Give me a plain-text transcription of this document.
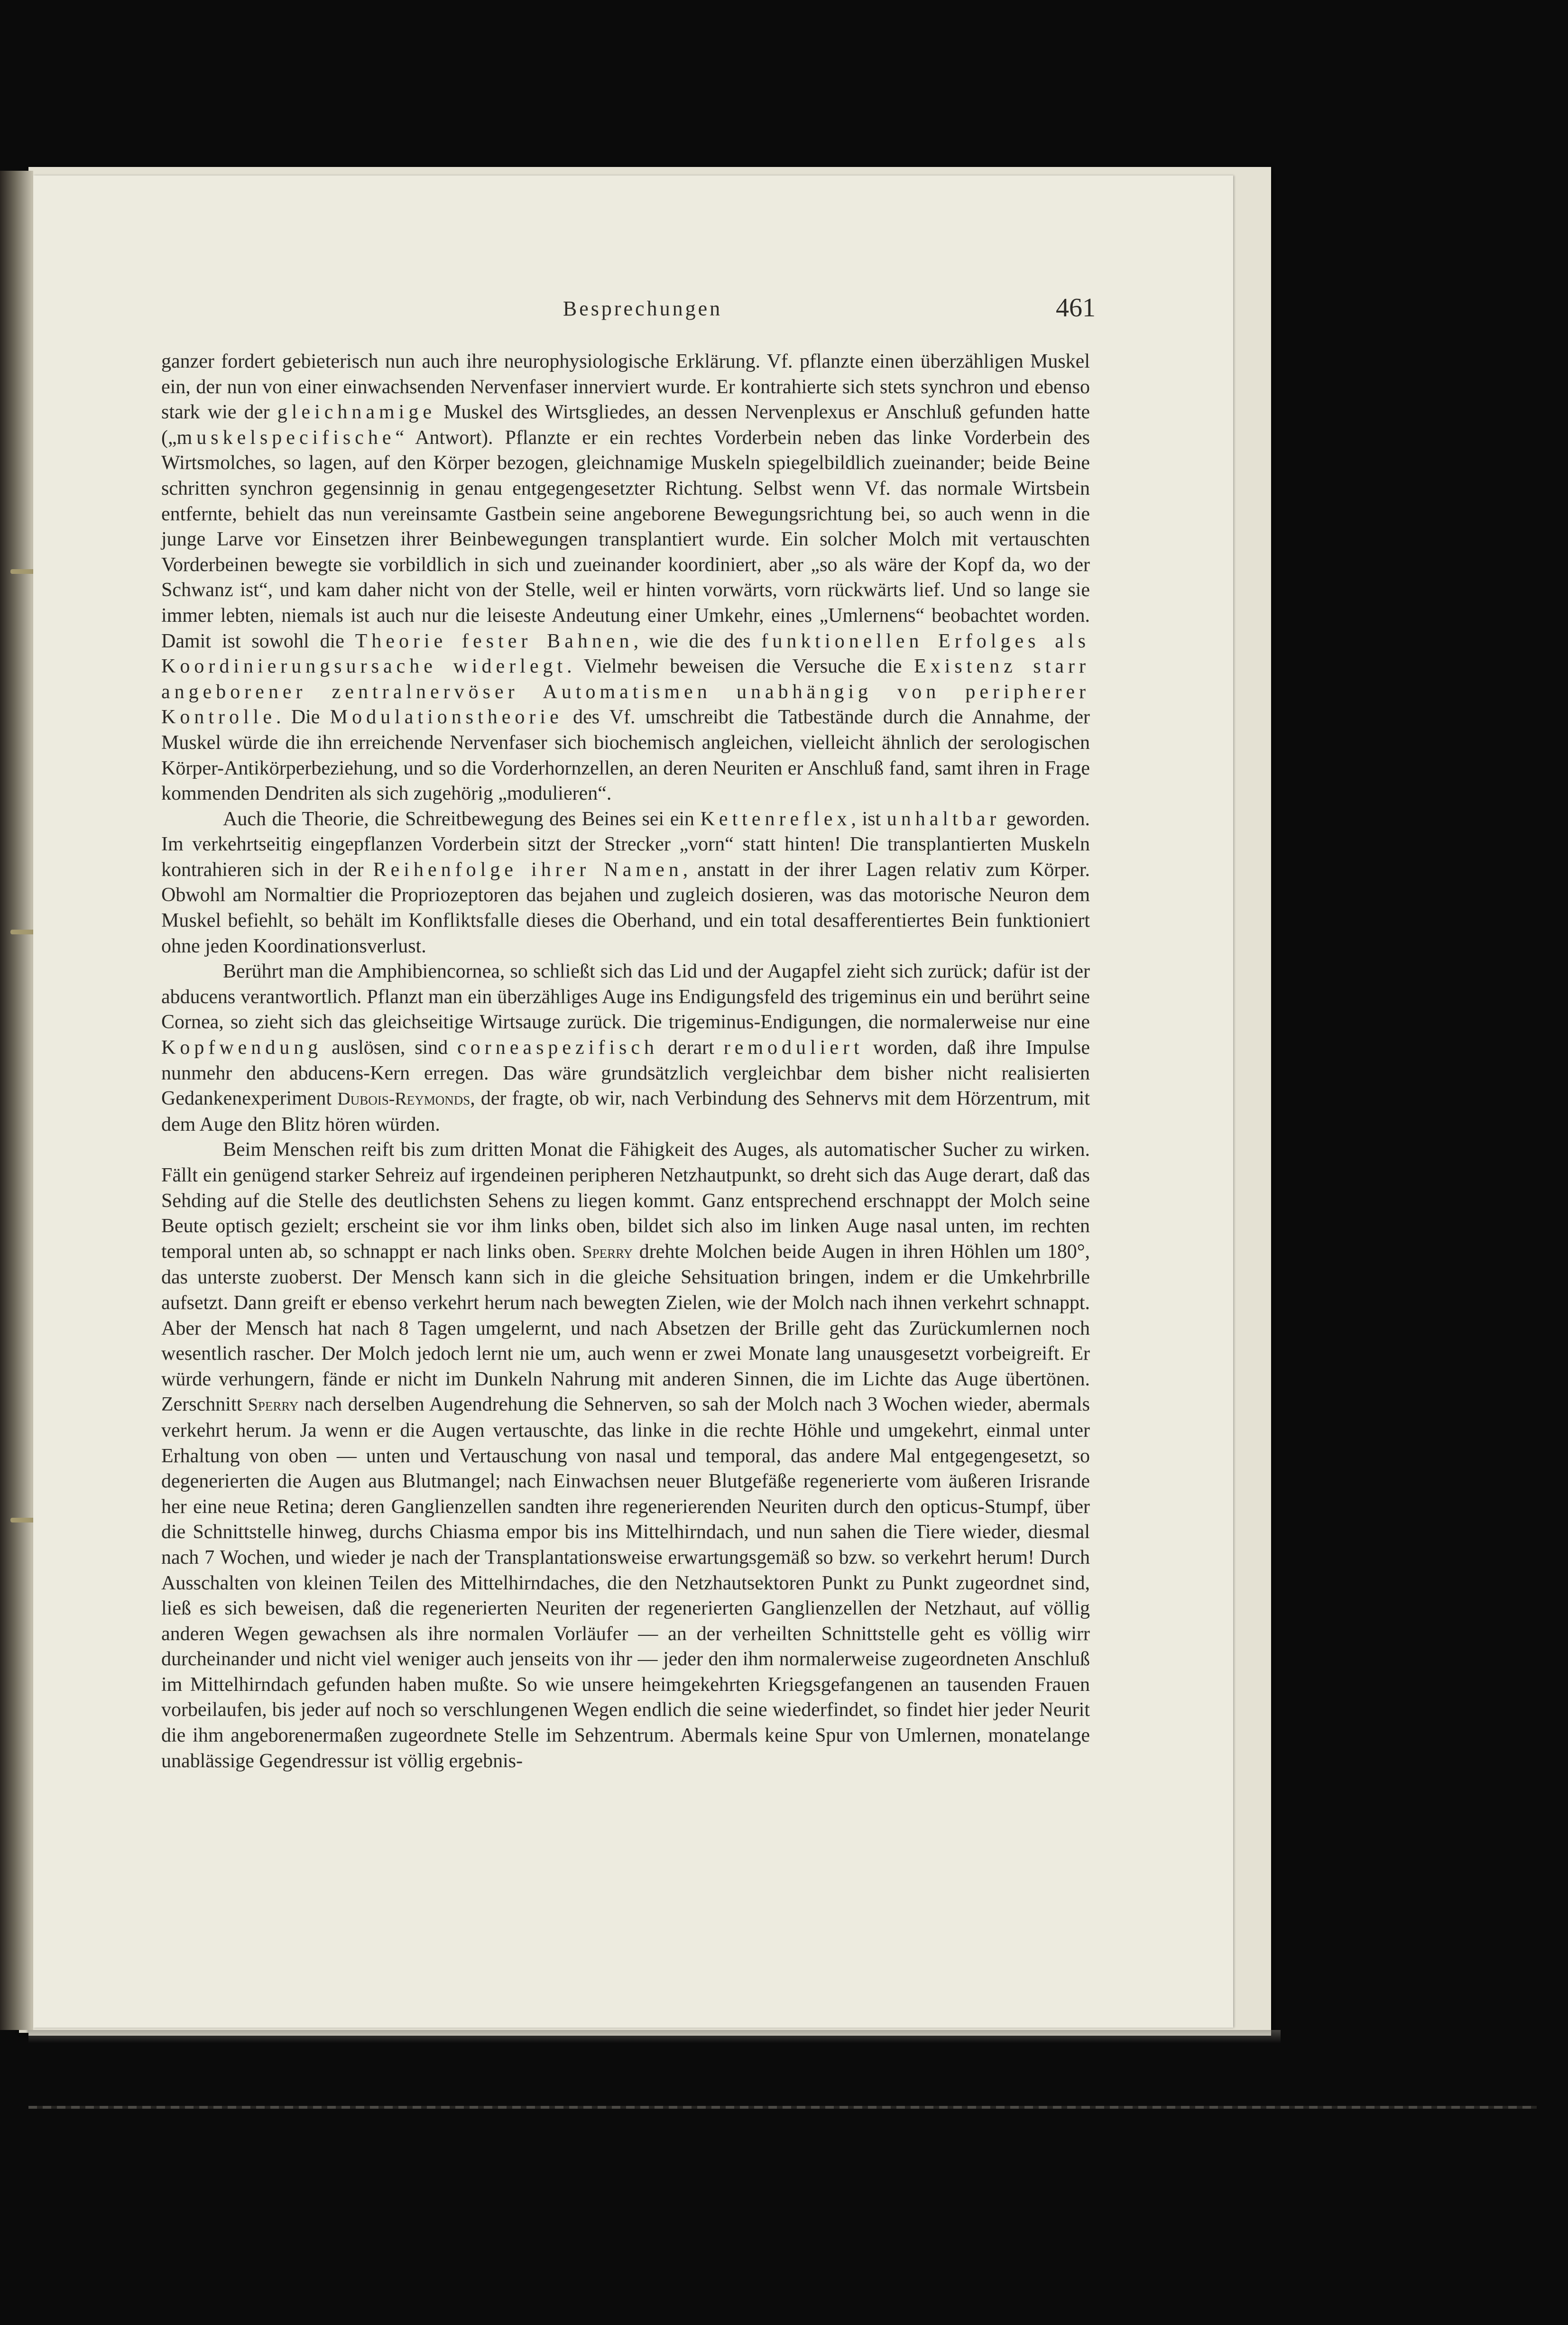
Besprechungen	461

ganzer fordert gebieterisch nun auch ihre neurophysiologische Erklärung. Vf. pflanzte einen überzähligen Muskel ein, der nun von einer einwachsenden Nervenfaser innerviert wurde. Er kontrahierte sich stets synchron und ebenso stark wie der gleichnamige Muskel des Wirtsgliedes, an dessen Nervenplexus er Anschluß gefunden hatte („muskelspecifische“ Antwort). Pflanzte er ein rechtes Vorderbein neben das linke Vorderbein des Wirtsmolches, so lagen, auf den Körper bezogen, gleichnamige Muskeln spiegelbildlich zueinander; beide Beine schritten synchron gegensinnig in genau entgegengesetzter Richtung. Selbst wenn Vf. das normale Wirtsbein entfernte, behielt das nun vereinsamte Gastbein seine angeborene Bewegungsrichtung bei, so auch wenn in die junge Larve vor Einsetzen ihrer Beinbewegungen transplantiert wurde. Ein solcher Molch mit vertauschten Vorderbeinen bewegte sie vorbildlich in sich und zueinander koordiniert, aber „so als wäre der Kopf da, wo der Schwanz ist“, und kam daher nicht von der Stelle, weil er hinten vorwärts, vorn rückwärts lief. Und so lange sie immer lebten, niemals ist auch nur die leiseste Andeutung einer Umkehr, eines „Umlernens“ beobachtet worden. Damit ist sowohl die Theorie fester Bahnen, wie die des funktionellen Erfolges als Koordinierungsursache widerlegt. Vielmehr beweisen die Versuche die Existenz starr angeborener zentralnervöser Automatismen unabhängig von peripherer Kontrolle. Die Modulationstheorie des Vf. umschreibt die Tatbestände durch die Annahme, der Muskel würde die ihn erreichende Nervenfaser sich biochemisch angleichen, vielleicht ähnlich der serologischen Körper-Antikörperbeziehung, und so die Vorderhornzellen, an deren Neuriten er Anschluß fand, samt ihren in Frage kommenden Dendriten als sich zugehörig „modulieren“.

Auch die Theorie, die Schreitbewegung des Beines sei ein Kettenreflex, ist unhaltbar geworden. Im verkehrtseitig eingepflanzen Vorderbein sitzt der Strecker „vorn“ statt hinten! Die transplantierten Muskeln kontrahieren sich in der Reihenfolge ihrer Namen, anstatt in der ihrer Lagen relativ zum Körper. Obwohl am Normaltier die Propriozeptoren das bejahen und zugleich dosieren, was das motorische Neuron dem Muskel befiehlt, so behält im Konfliktsfalle dieses die Oberhand, und ein total desafferentiertes Bein funktioniert ohne jeden Koordinationsverlust.

Berührt man die Amphibiencornea, so schließt sich das Lid und der Augapfel zieht sich zurück; dafür ist der abducens verantwortlich. Pflanzt man ein überzähliges Auge ins Endigungsfeld des trigeminus ein und berührt seine Cornea, so zieht sich das gleichseitige Wirtsauge zurück. Die trigeminus-Endigungen, die normalerweise nur eine Kopfwendung auslösen, sind corneaspezifisch derart remoduliert worden, daß ihre Impulse nunmehr den abducens-Kern erregen. Das wäre grundsätzlich vergleichbar dem bisher nicht realisierten Gedankenexperiment Dubois-Reymonds, der fragte, ob wir, nach Verbindung des Sehnervs mit dem Hörzentrum, mit dem Auge den Blitz hören würden.

Beim Menschen reift bis zum dritten Monat die Fähigkeit des Auges, als automatischer Sucher zu wirken. Fällt ein genügend starker Sehreiz auf irgendeinen peripheren Netzhautpunkt, so dreht sich das Auge derart, daß das Sehding auf die Stelle des deutlichsten Sehens zu liegen kommt. Ganz entsprechend erschnappt der Molch seine Beute optisch gezielt; erscheint sie vor ihm links oben, bildet sich also im linken Auge nasal unten, im rechten temporal unten ab, so schnappt er nach links oben. Sperry drehte Molchen beide Augen in ihren Höhlen um 180°, das unterste zuoberst. Der Mensch kann sich in die gleiche Sehsituation bringen, indem er die Umkehrbrille aufsetzt. Dann greift er ebenso verkehrt herum nach bewegten Zielen, wie der Molch nach ihnen verkehrt schnappt. Aber der Mensch hat nach 8 Tagen umgelernt, und nach Absetzen der Brille geht das Zurückumlernen noch wesentlich rascher. Der Molch jedoch lernt nie um, auch wenn er zwei Monate lang unausgesetzt vorbeigreift. Er würde verhungern, fände er nicht im Dunkeln Nahrung mit anderen Sinnen, die im Lichte das Auge übertönen. Zerschnitt Sperry nach derselben Augendrehung die Sehnerven, so sah der Molch nach 3 Wochen wieder, abermals verkehrt herum. Ja wenn er die Augen vertauschte, das linke in die rechte Höhle und umgekehrt, einmal unter Erhaltung von oben — unten und Vertauschung von nasal und temporal, das andere Mal entgegengesetzt, so degenerierten die Augen aus Blutmangel; nach Einwachsen neuer Blutgefäße regenerierte vom äußeren Irisrande her eine neue Retina; deren Ganglienzellen sandten ihre regenerierenden Neuriten durch den opticus-Stumpf, über die Schnittstelle hinweg, durchs Chiasma empor bis ins Mittelhirndach, und nun sahen die Tiere wieder, diesmal nach 7 Wochen, und wieder je nach der Transplantationsweise erwartungsgemäß so bzw. so verkehrt herum! Durch Ausschalten von kleinen Teilen des Mittelhirndaches, die den Netzhautsektoren Punkt zu Punkt zugeordnet sind, ließ es sich beweisen, daß die regenerierten Neuriten der regenerierten Ganglienzellen der Netzhaut, auf völlig anderen Wegen gewachsen als ihre normalen Vorläufer — an der verheilten Schnittstelle geht es völlig wirr durcheinander und nicht viel weniger auch jenseits von ihr — jeder den ihm normalerweise zugeordneten Anschluß im Mittelhirndach gefunden haben mußte. So wie unsere heimgekehrten Kriegsgefangenen an tausenden Frauen vorbeilaufen, bis jeder auf noch so verschlungenen Wegen endlich die seine wiederfindet, so findet hier jeder Neurit die ihm angeborenermaßen zugeordnete Stelle im Sehzentrum. Abermals keine Spur von Umlernen, monatelange unablässige Gegendressur ist völlig ergebnis-
